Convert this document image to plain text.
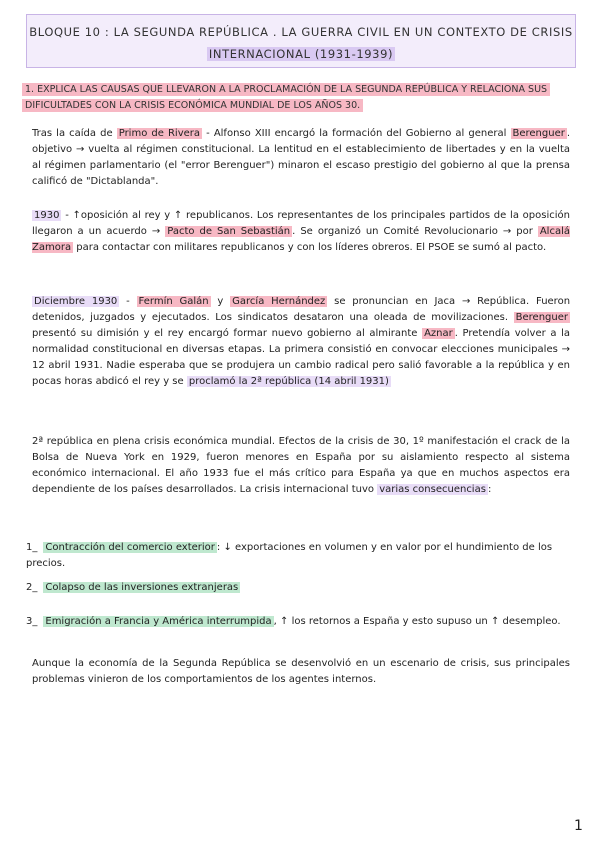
BLOQUE 10 : LA SEGUNDA REPÚBLICA . LA GUERRA CIVIL EN UN CONTEXTO DE CRISIS
INTERNACIONAL (1931-1939)
1. EXPLICA LAS CAUSAS QUE LLEVARON A LA PROCLAMACIÓN DE LA SEGUNDA REPÚBLICA Y RELACIONA SUS DIFICULTADES CON LA CRISIS ECONÓMICA MUNDIAL DE LOS AÑOS 30.
Tras la caída de Primo de Rivera - Alfonso XIII encargó la formación del Gobierno al general Berenguer . objetivo → vuelta al régimen constitucional. La lentitud en el establecimiento de libertades y en la vuelta al régimen parlamentario (el "error Berenguer") minaron el escaso prestigio del gobierno al que la prensa calificó de "Dictablanda".
1930 - ↑oposición al rey y ↑ republicanos. Los representantes de los principales partidos de la oposición llegaron a un acuerdo → Pacto de San Sebastián . Se organizó un Comité Revolucionario → por Alcalá Zamora para contactar con militares republicanos y con los líderes obreros. El PSOE se sumó al pacto.
Diciembre 1930 - Fermín Galán y García Hernández se pronuncian en Jaca → República. Fueron detenidos, juzgados y ejecutados. Los sindicatos desataron una oleada de movilizaciones. Berenguer presentó su dimisión y el rey encargó formar nuevo gobierno al almirante Aznar . Pretendía volver a la normalidad constitucional en diversas etapas. La primera consistió en convocar elecciones municipales → 12 abril 1931. Nadie esperaba que se produjera un cambio radical pero salió favorable a la república y en pocas horas abdicó el rey y se proclamó la 2ª república (14 abril 1931)
2ª república en plena crisis económica mundial. Efectos de la crisis de 30, 1º manifestación el crack de la Bolsa de Nueva York en 1929, fueron menores en España por su aislamiento respecto al sistema económico internacional. El año 1933 fue el más crítico para España ya que en muchos aspectos era dependiente de los países desarrollados. La crisis internacional tuvo varias consecuencias :
1_ Contracción del comercio exterior : ↓ exportaciones en volumen y en valor por el hundimiento de los precios.
2_ Colapso de las inversiones extranjeras
3_ Emigración a Francia y América interrumpida , ↑ los retornos a España y esto supuso un ↑ desempleo.
Aunque la economía de la Segunda República se desenvolvió en un escenario de crisis, sus principales problemas vinieron de los comportamientos de los agentes internos.
1
